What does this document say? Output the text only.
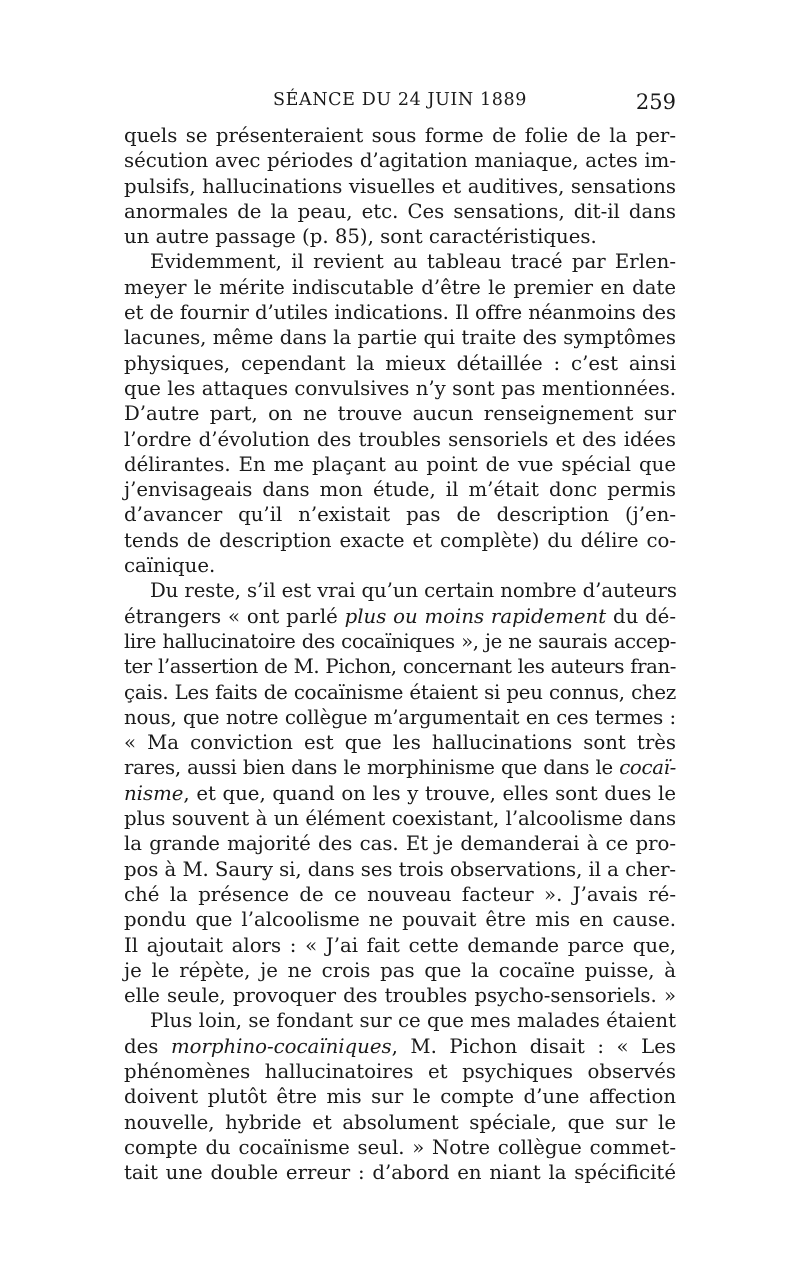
SÉANCE DU 24 JUIN 1889	259
quels se présenteraient sous forme de folie de la per-
sécution avec périodes d’agitation maniaque, actes im-
pulsifs, hallucinations visuelles et auditives, sensations
anormales de la peau, etc. Ces sensations, dit-il dans
un autre passage (p. 85), sont caractéristiques.
Evidemment, il revient au tableau tracé par Erlen-
meyer le mérite indiscutable d’être le premier en date
et de fournir d’utiles indications. Il offre néanmoins des
lacunes, même dans la partie qui traite des symptômes
physiques, cependant la mieux détaillée : c’est ainsi
que les attaques convulsives n’y sont pas mentionnées.
D’autre part, on ne trouve aucun renseignement sur
l’ordre d’évolution des troubles sensoriels et des idées
délirantes. En me plaçant au point de vue spécial que
j’envisageais dans mon étude, il m’était donc permis
d’avancer qu’il n’existait pas de description (j’en-
tends de description exacte et complète) du délire co-
caïnique.
Du reste, s’il est vrai qu’un certain nombre d’auteurs
étrangers « ont parlé plus ou moins rapidement du dé-
lire hallucinatoire des cocaïniques », je ne saurais accep-
ter l’assertion de M. Pichon, concernant les auteurs fran-
çais. Les faits de cocaïnisme étaient si peu connus, chez
nous, que notre collègue m’argumentait en ces termes :
« Ma conviction est que les hallucinations sont très
rares, aussi bien dans le morphinisme que dans le cocaï-
nisme, et que, quand on les y trouve, elles sont dues le
plus souvent à un élément coexistant, l’alcoolisme dans
la grande majorité des cas. Et je demanderai à ce pro-
pos à M. Saury si, dans ses trois observations, il a cher-
ché la présence de ce nouveau facteur ». J’avais ré-
pondu que l’alcoolisme ne pouvait être mis en cause.
Il ajoutait alors : « J’ai fait cette demande parce que,
je le répète, je ne crois pas que la cocaïne puisse, à
elle seule, provoquer des troubles psycho-sensoriels. »
Plus loin, se fondant sur ce que mes malades étaient
des morphino-cocaïniques, M. Pichon disait : « Les
phénomènes hallucinatoires et psychiques observés
doivent plutôt être mis sur le compte d’une affection
nouvelle, hybride et absolument spéciale, que sur le
compte du cocaïnisme seul. » Notre collègue commet-
tait une double erreur : d’abord en niant la spécificité
